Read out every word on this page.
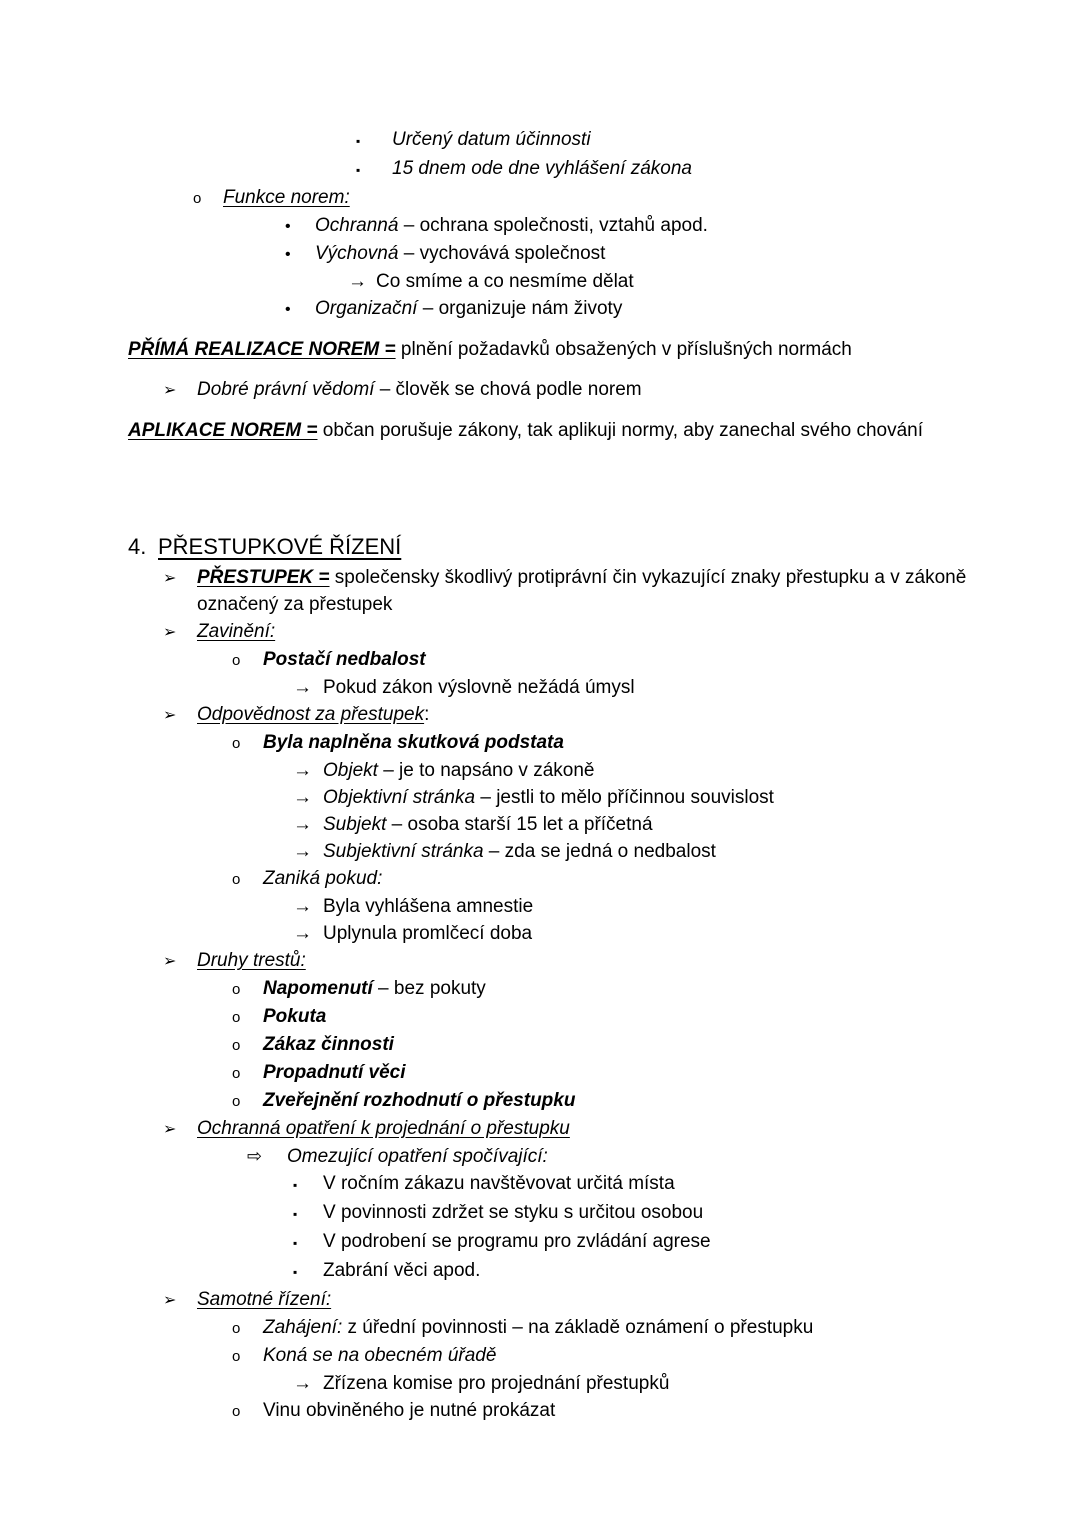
▪	Určený datum účinnosti
▪	15 dnem ode dne vyhlášení zákona
o	Funkce norem:
•	Ochranná – ochrana společnosti, vztahů apod.
•	Výchovná – vychovává společnost
→ Co smíme a co nesmíme dělat
•	Organizační – organizuje nám životy
PŘÍMÁ REALIZACE NOREM = plnění požadavků obsažených v příslušných normách
➢	Dobré právní vědomí – člověk se chová podle norem
APLIKACE NOREM = občan porušuje zákony, tak aplikuji normy, aby zanechal svého chování
4. PŘESTUPKOVÉ ŘÍZENÍ
➢	PŘESTUPEK = společensky škodlivý protiprávní čin vykazující znaky přestupku a v zákoně označený za přestupek
➢	Zavinění:
o	Postačí nedbalost
→ Pokud zákon výslovně nežádá úmysl
➢	Odpovědnost za přestupek:
o	Byla naplněna skutková podstata
→ Objekt – je to napsáno v zákoně
→ Objektivní stránka – jestli to mělo příčinnou souvislost
→ Subjekt – osoba starší 15 let a příčetná
→ Subjektivní stránka – zda se jedná o nedbalost
o	Zaniká pokud:
→ Byla vyhlášena amnestie
→ Uplynula promlčecí doba
➢	Druhy trestů:
o	Napomenutí – bez pokuty
o	Pokuta
o	Zákaz činnosti
o	Propadnutí věci
o	Zveřejnění rozhodnutí o přestupku
➢	Ochranná opatření k projednání o přestupku
⇨	Omezující opatření spočívající:
▪	V ročním zákazu navštěvovat určitá místa
▪	V povinnosti zdržet se styku s určitou osobou
▪	V podrobení se programu pro zvládání agrese
▪	Zabrání věci apod.
➢	Samotné řízení:
o	Zahájení: z úřední povinnosti – na základě oznámení o přestupku
o	Koná se na obecném úřadě
→ Zřízena komise pro projednání přestupků
o	Vinu obviněného je nutné prokázat
